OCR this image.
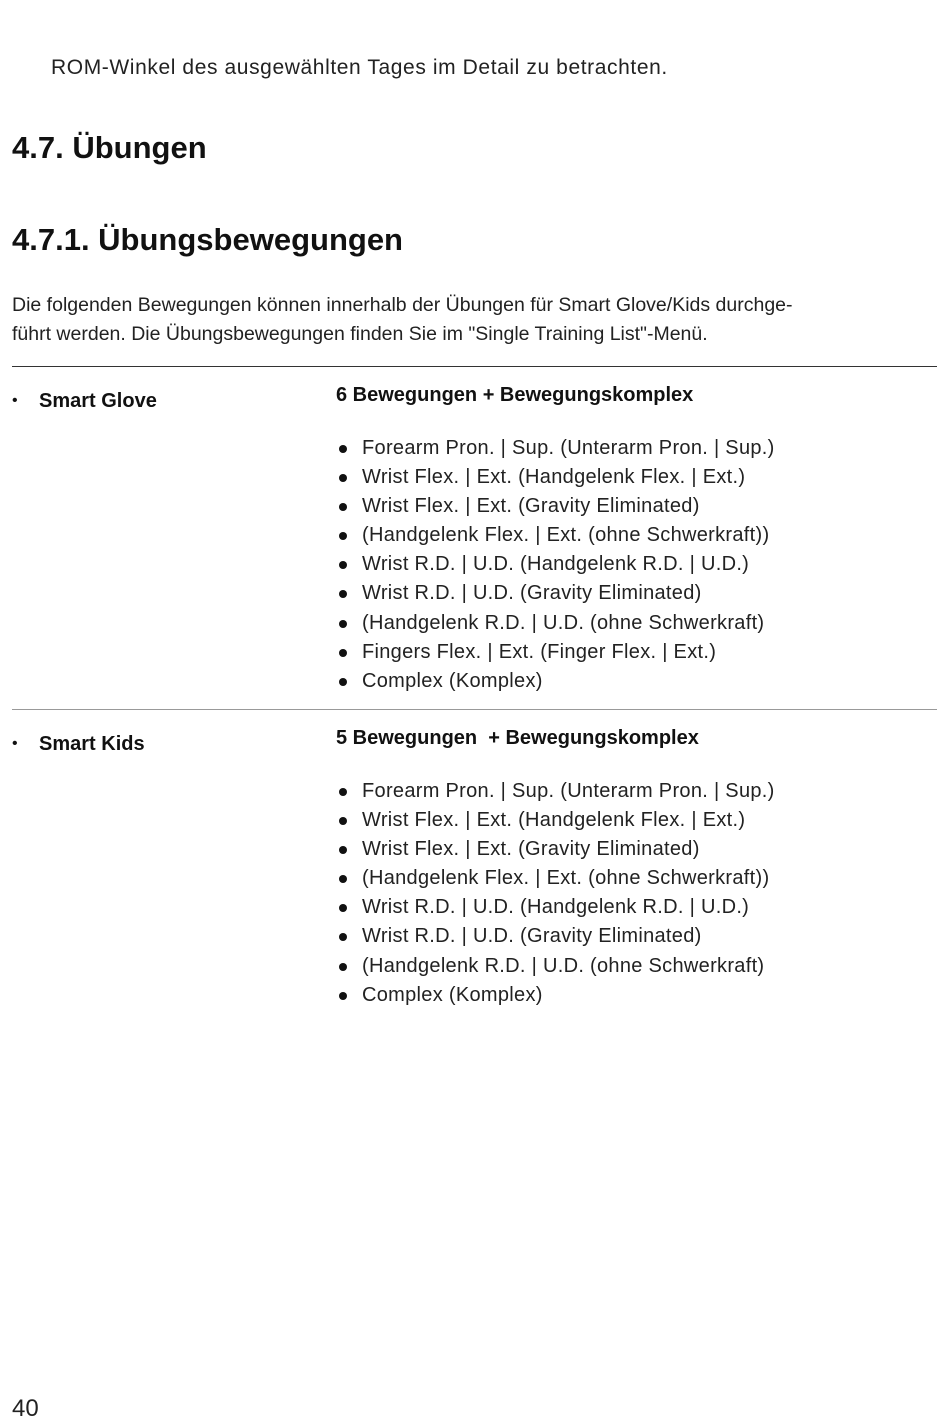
ROM-Winkel des ausgewählten Tages im Detail zu betrachten.
4.7. Übungen
4.7.1. Übungsbewegungen

Die folgenden Bewegungen können innerhalb der Übungen für Smart Glove/Kids durchge-

führt werden. Die Übungsbewegungen finden Sie im "Single Training List"-Menü.

• Smart Glove	6 Bewegungen + Bewegungskomplex
Forearm Pron. | Sup. (Unterarm Pron. | Sup.)
Wrist Flex. | Ext. (Handgelenk Flex. | Ext.)
Wrist Flex. | Ext. (Gravity Eliminated)
(Handgelenk Flex. | Ext. (ohne Schwerkraft))
Wrist R.D. | U.D. (Handgelenk R.D. | U.D.)
Wrist R.D. | U.D. (Gravity Eliminated)
(Handgelenk R.D. | U.D. (ohne Schwerkraft)
Fingers Flex. | Ext. (Finger Flex. | Ext.)
Complex (Komplex)
• Smart Kids	5 Bewegungen  + Bewegungskomplex
Forearm Pron. | Sup. (Unterarm Pron. | Sup.)
Wrist Flex. | Ext. (Handgelenk Flex. | Ext.)
Wrist Flex. | Ext. (Gravity Eliminated)
(Handgelenk Flex. | Ext. (ohne Schwerkraft))
Wrist R.D. | U.D. (Handgelenk R.D. | U.D.)
Wrist R.D. | U.D. (Gravity Eliminated)
(Handgelenk R.D. | U.D. (ohne Schwerkraft)
Complex (Komplex)
40
